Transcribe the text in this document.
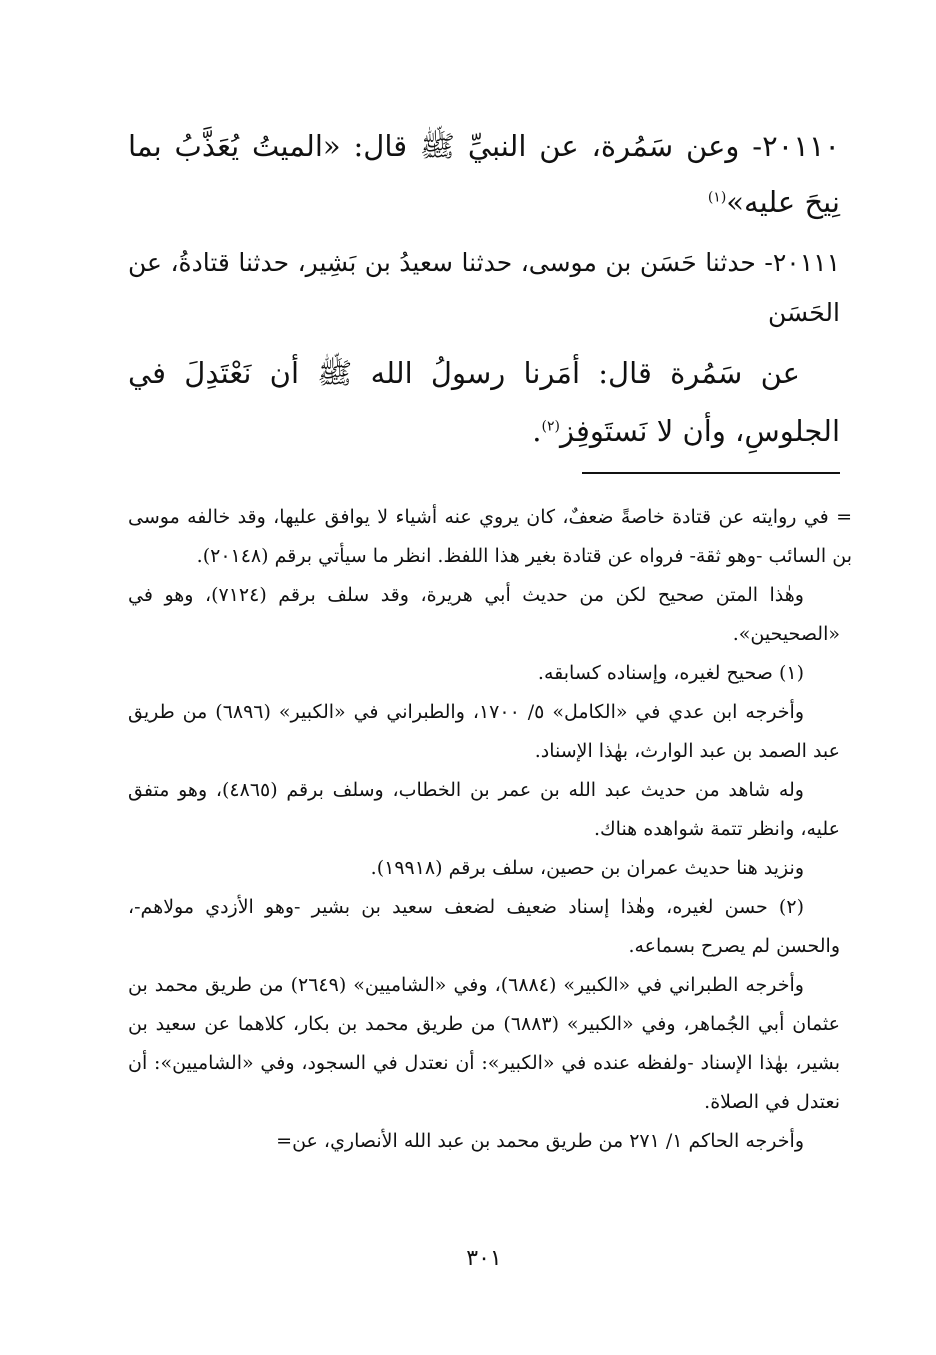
٢٠١١٠- وعن سَمُرة، عن النبيِّ ﷺ قال: «الميتُ يُعَذَّبُ بما نِيحَ عليه»$^{(١)}$

٢٠١١١- حدثنا حَسَن بن موسى، حدثنا سعيدُ بن بَشِير، حدثنا قتادةُ، عن الحَسَن

عن سَمُرة قال: أمَرنا رسولُ الله ﷺ أن نَعْتَدِلَ في الجلوسِ، وأن لا نَستَوفِز$^{(٢)}$.

= في روايته عن قتادة خاصةً ضعفٌ، كان يروي عنه أشياء لا يوافق عليها، وقد خالفه موسى بن السائب -وهو ثقة- فرواه عن قتادة بغير هذا اللفظ. انظر ما سيأتي برقم (٢٠١٤٨).

وهٰذا المتن صحيح لكن من حديث أبي هريرة، وقد سلف برقم (٧١٢٤)، وهو في «الصحيحين».

(١) صحيح لغيره، وإسناده كسابقه.

وأخرجه ابن عدي في «الكامل» ٥/ ١٧٠٠، والطبراني في «الكبير» (٦٨٩٦) من طريق عبد الصمد بن عبد الوارث، بهٰذا الإسناد.

وله شاهد من حديث عبد الله بن عمر بن الخطاب، وسلف برقم (٤٨٦٥)، وهو متفق عليه، وانظر تتمة شواهده هناك.

ونزيد هنا حديث عمران بن حصين، سلف برقم (١٩٩١٨).

(٢) حسن لغيره، وهٰذا إسناد ضعيف لضعف سعيد بن بشير -وهو الأزدي مولاهم-، والحسن لم يصرح بسماعه.

وأخرجه الطبراني في «الكبير» (٦٨٨٤)، وفي «الشاميين» (٢٦٤٩) من طريق محمد بن عثمان أبي الجُماهر، وفي «الكبير» (٦٨٨٣) من طريق محمد بن بكار، كلاهما عن سعيد بن بشير، بهٰذا الإسناد -ولفظه عنده في «الكبير»: أن نعتدل في السجود، وفي «الشاميين»: أن نعتدل في الصلاة.

وأخرجه الحاكم ١/ ٢٧١ من طريق محمد بن عبد الله الأنصاري، عن=

٣٠١
